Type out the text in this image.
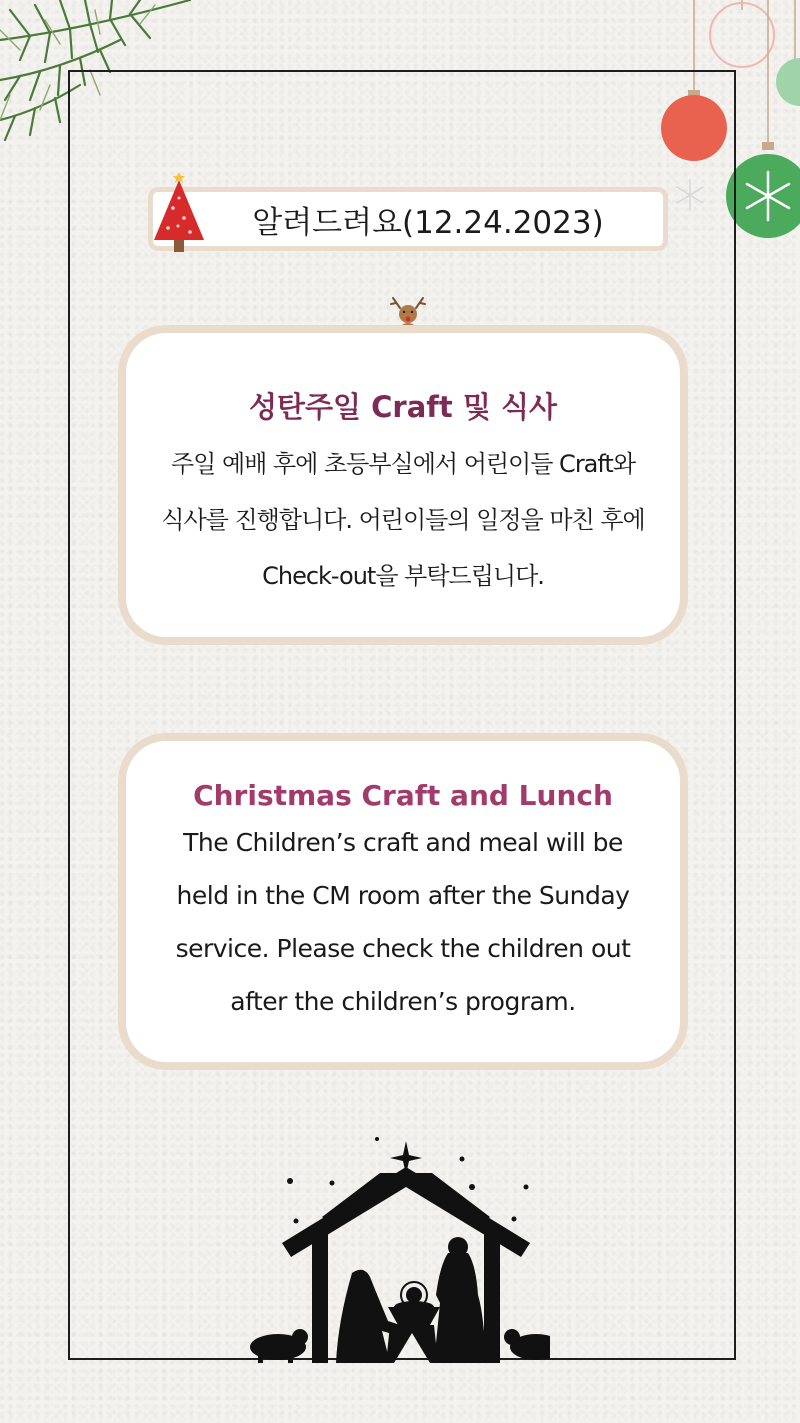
알려드려요(12.24.2023)
성탄주일 Craft 및 식사
주일 예배 후에 초등부실에서 어린이들 Craft와
식사를 진행합니다. 어린이들의 일정을 마친 후에
Check-out을 부탁드립니다.
Christmas Craft and Lunch
The Children’s craft and meal will be
held in the CM room after the Sunday
service. Please check the children out
after the children’s program.
